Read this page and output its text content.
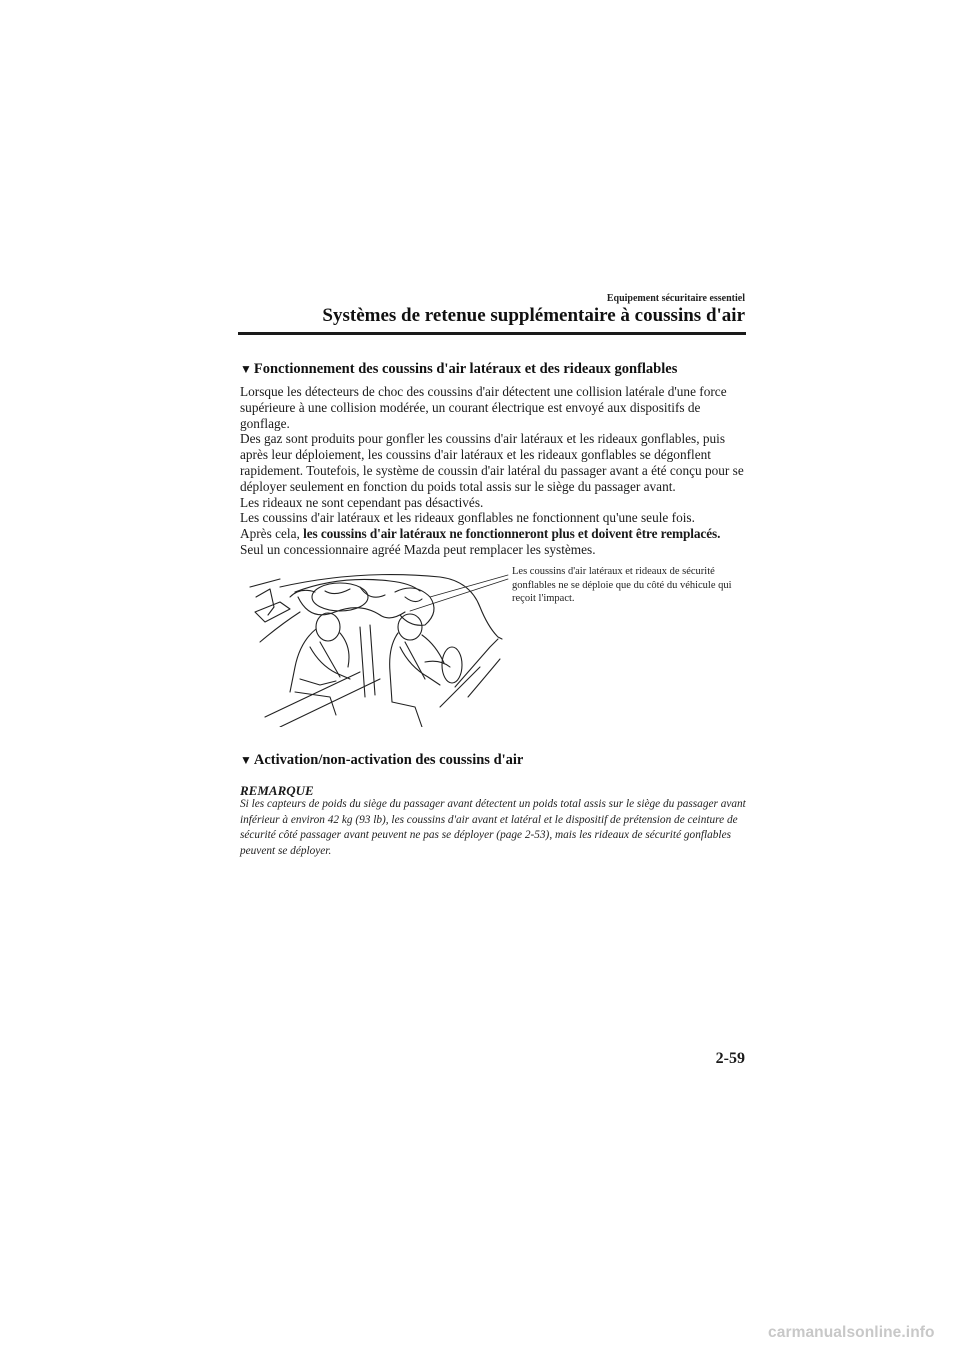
Equipement sécuritaire essentiel
Systèmes de retenue supplémentaire à coussins d'air
▼ Fonctionnement des coussins d'air latéraux et des rideaux gonflables

Lorsque les détecteurs de choc des coussins d'air détectent une collision latérale d'une force supérieure à une collision modérée, un courant électrique est envoyé aux dispositifs de gonflage.

Des gaz sont produits pour gonfler les coussins d'air latéraux et les rideaux gonflables, puis après leur déploiement, les coussins d'air latéraux et les rideaux gonflables se dégonflent rapidement. Toutefois, le système de coussin d'air latéral du passager avant a été conçu pour se déployer seulement en fonction du poids total assis sur le siège du passager avant.

Les rideaux ne sont cependant pas désactivés.

Les coussins d'air latéraux et les rideaux gonflables ne fonctionnent qu'une seule fois.

Après cela, les coussins d'air latéraux ne fonctionneront plus et doivent être remplacés.

Seul un concessionnaire agréé Mazda peut remplacer les systèmes.

Les coussins d'air latéraux et rideaux de sécurité gonflables ne se déploie que du côté du véhicule qui reçoit l'impact.
▼ Activation/non-activation des coussins d'air
REMARQUE
Si les capteurs de poids du siège du passager avant détectent un poids total assis sur le siège du passager avant inférieur à environ 42 kg (93 lb), les coussins d'air avant et latéral et le dispositif de prétension de ceinture de sécurité côté passager avant peuvent ne pas se déployer (page 2-53), mais les rideaux de sécurité gonflables peuvent se déployer.
2-59
carmanualsonline.info
